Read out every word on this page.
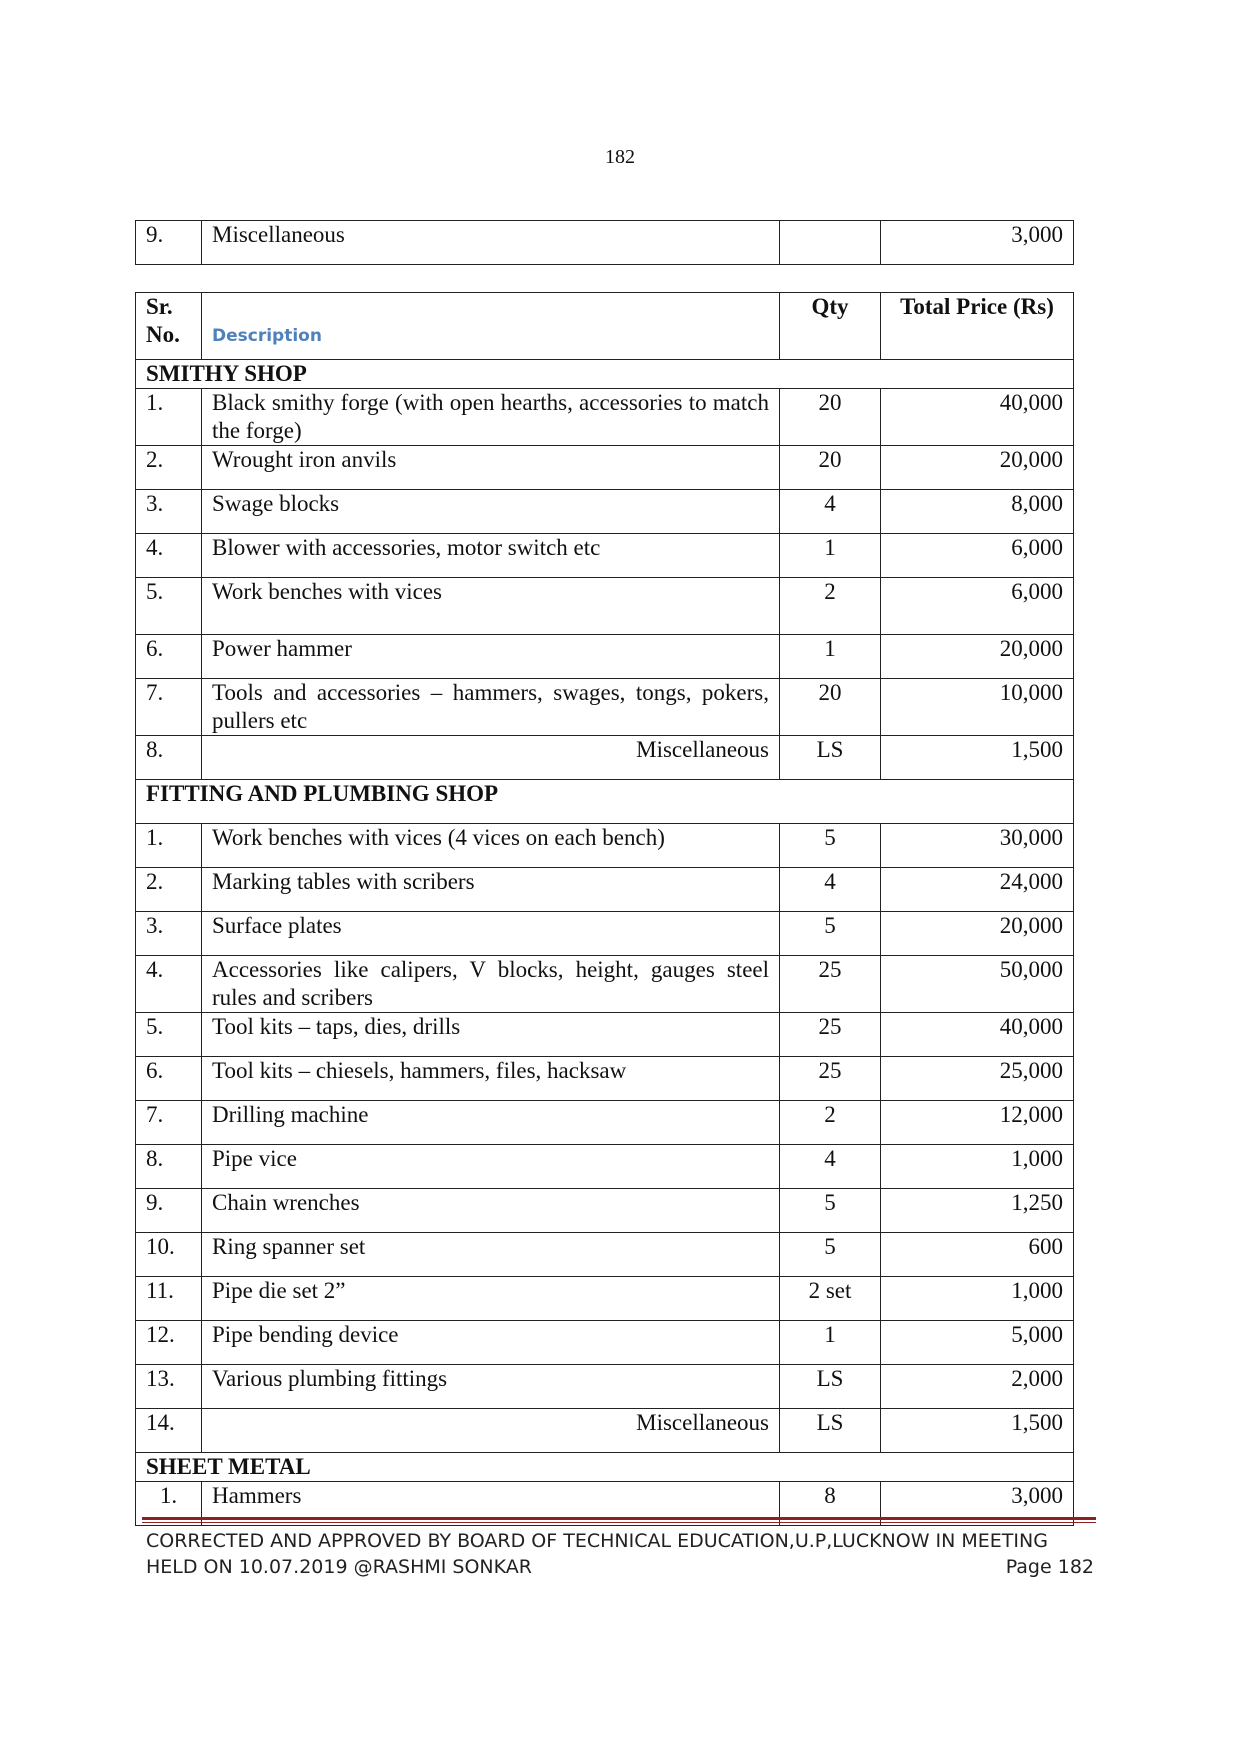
182
9.	Miscellaneous		3,000
Sr. No.	Description	Qty	Total Price (Rs)
SMITHY SHOP			
1.	Black smithy forge (with open hearths, accessories to match the forge)	20	40,000
2.	Wrought iron anvils	20	20,000
3.	Swage blocks	4	8,000
4.	Blower with accessories, motor switch etc	1	6,000
5.	Work benches with vices	2	6,000
6.	Power hammer	1	20,000
7.	Tools and accessories – hammers, swages, tongs, pokers, pullers etc	20	10,000
8.	Miscellaneous	LS	1,500
FITTING AND PLUMBING SHOP			
1.	Work benches with vices (4 vices on each bench)	5	30,000
2.	Marking tables with scribers	4	24,000
3.	Surface plates	5	20,000
4.	Accessories like calipers, V blocks, height, gauges steel rules and scribers	25	50,000
5.	Tool kits – taps, dies, drills	25	40,000
6.	Tool kits – chiesels, hammers, files, hacksaw	25	25,000
7.	Drilling machine	2	12,000
8.	Pipe vice	4	1,000
9.	Chain wrenches	5	1,250
10.	Ring spanner set	5	600
11.	Pipe die set 2”	2 set	1,000
12.	Pipe bending device	1	5,000
13.	Various plumbing fittings	LS	2,000
14.	Miscellaneous	LS	1,500
SHEET METAL			
1.	Hammers	8	3,000
CORRECTED AND APPROVED BY BOARD OF TECHNICAL EDUCATION,U.P,LUCKNOW IN MEETING
HELD ON 10.07.2019 @RASHMI SONKAR	Page 182
